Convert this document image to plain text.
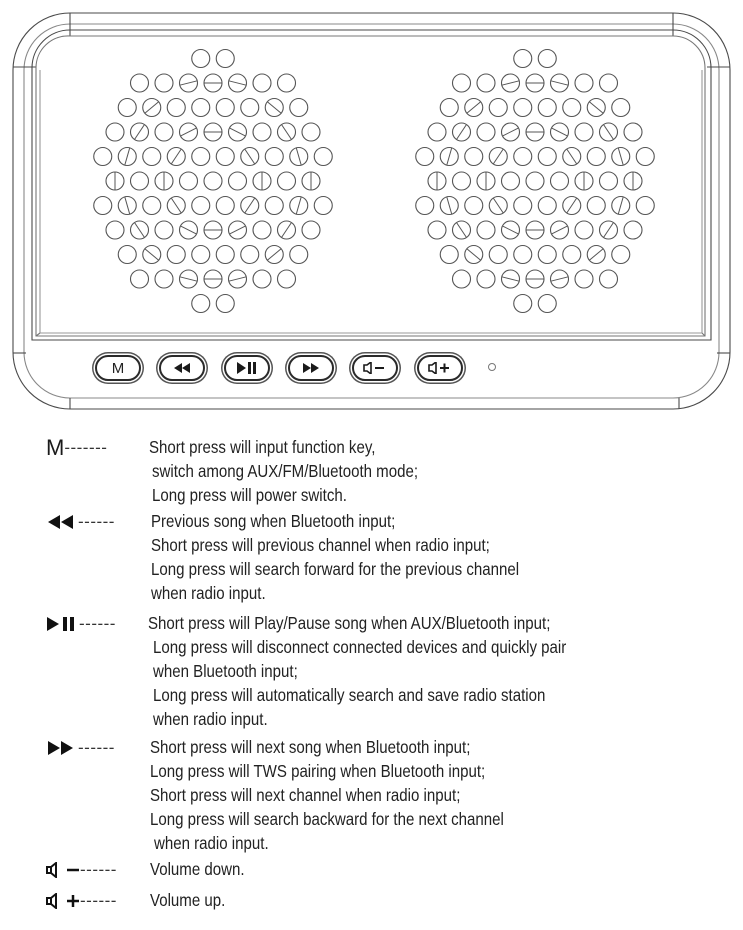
M
M ------- Short press will input function key,
switch among AUX/FM/Bluetooth mode;
Long press will power switch.
------ Previous song when Bluetooth input;
Short press will previous channel when radio input;
Long press will search forward for the previous channel
when radio input.
------ Short press will Play/Pause song when AUX/Bluetooth input;
Long press will disconnect connected devices and quickly pair
when Bluetooth input;
Long press will automatically search and save radio station
when radio input.
------ Short press will next song when Bluetooth input;
Long press will TWS pairing when Bluetooth input;
Short press will next channel when radio input;
Long press will search backward for the next channel
when radio input.
------ Volume down.
------ Volume up.
